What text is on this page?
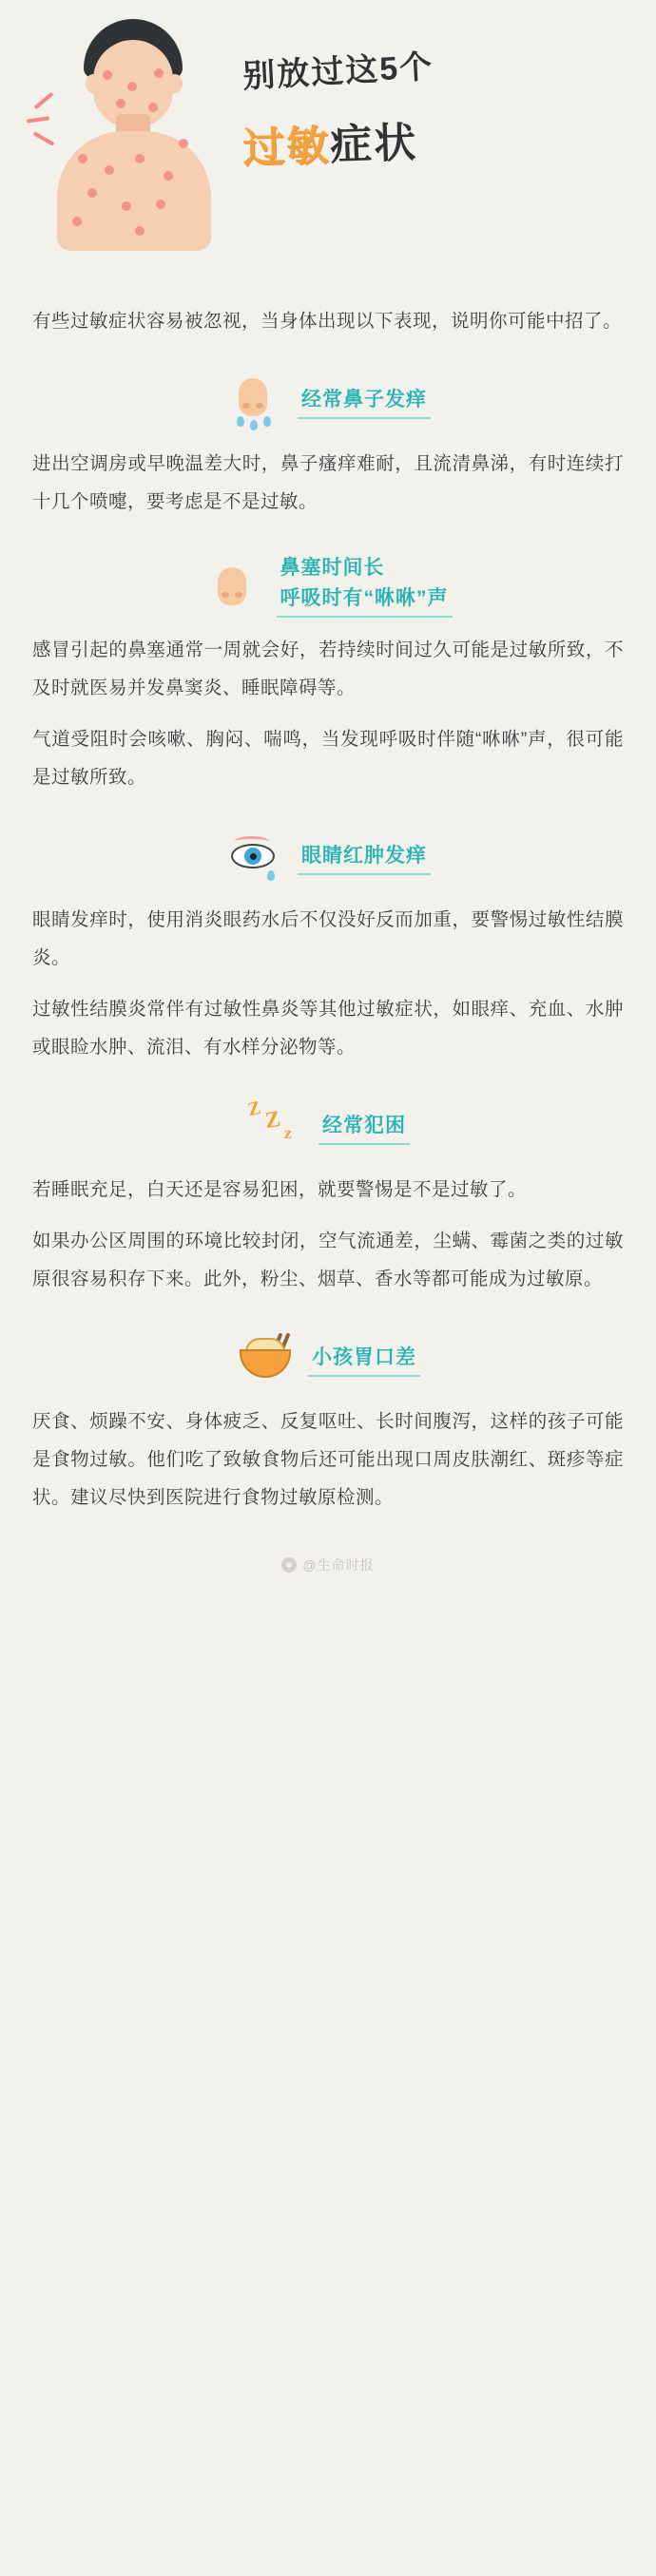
别放过这5个
过敏症状

有些过敏症状容易被忽视，当身体出现以下表现，说明你可能中招了。

经常鼻子发痒

进出空调房或早晚温差大时，鼻子瘙痒难耐，且流清鼻涕，有时连续打十几个喷嚏，要考虑是不是过敏。

鼻塞时间长
呼吸时有“咻咻”声

感冒引起的鼻塞通常一周就会好，若持续时间过久可能是过敏所致，不及时就医易并发鼻窦炎、睡眠障碍等。

气道受阻时会咳嗽、胸闷、喘鸣，当发现呼吸时伴随“咻咻”声，很可能是过敏所致。

眼睛红肿发痒

眼睛发痒时，使用消炎眼药水后不仅没好反而加重，要警惕过敏性结膜炎。

过敏性结膜炎常伴有过敏性鼻炎等其他过敏症状，如眼痒、充血、水肿或眼睑水肿、流泪、有水样分泌物等。

Z Z z 经常犯困

若睡眠充足，白天还是容易犯困，就要警惕是不是过敏了。

如果办公区周围的环境比较封闭，空气流通差，尘螨、霉菌之类的过敏原很容易积存下来。此外，粉尘、烟草、香水等都可能成为过敏原。

小孩胃口差

厌食、烦躁不安、身体疲乏、反复呕吐、长时间腹泻，这样的孩子可能是食物过敏。他们吃了致敏食物后还可能出现口周皮肤潮红、斑疹等症状。建议尽快到医院进行食物过敏原检测。

@生命时报
